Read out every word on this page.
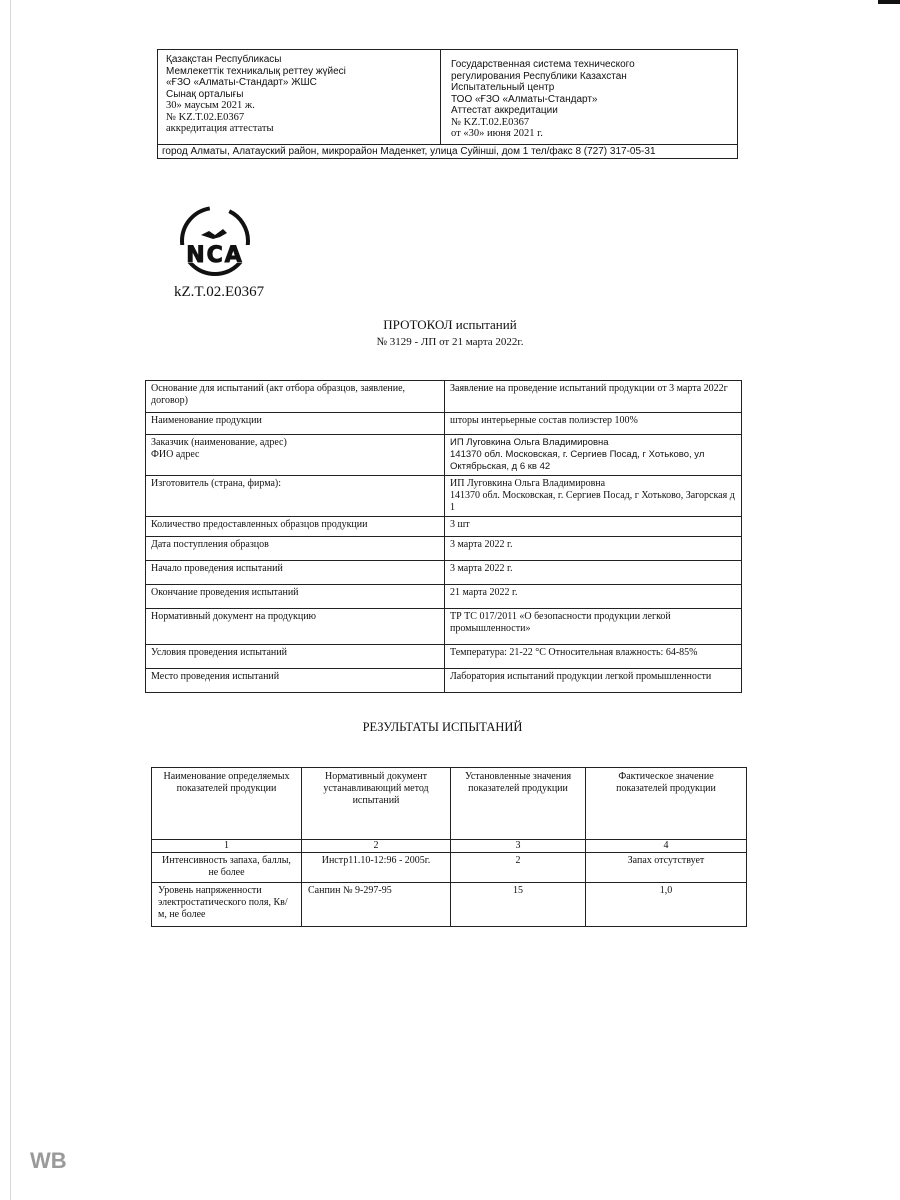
Қазақстан Республикасы
Мемлекеттік техникалық реттеу жүйесі
«ҒЗО «Алматы-Стандарт» ЖШС
Сынақ орталығы
30» маусым 2021 ж.
№ KZ.T.02.E0367
аккредитация аттестаты
Государственная система технического
регулирования Республики Казахстан
Испытательный центр
ТОО «ҒЗО «Алматы-Стандарт»
Аттестат аккредитации
№ KZ.T.02.E0367
от «30» июня 2021 г.
город Алматы, Алатауский район, микрорайон Маденкет, улица Суйінші, дом 1 тел/факс 8 (727) 317-05-31
NCA
kZ.T.02.E0367
ПРОТОКОЛ испытаний
№ 3129 - ЛП от 21 марта 2022г.
Основание для испытаний (акт отбора образцов, заявление, договор)	Заявление на проведение испытаний продукции от 3 марта 2022г
Наименование продукции	шторы интерьерные состав полиэстер 100%
Заказчик (наименование, адрес)
ФИО адрес	ИП Луговкина Ольга Владимировна
141370 обл. Московская, г. Сергиев Посад, г Хотьково, ул Октябрьская, д 6 кв 42
Изготовитель (страна, фирма):	ИП Луговкина Ольга Владимировна
141370 обл. Московская, г. Сергиев Посад, г Хотьково, Загорская д 1
Количество предоставленных образцов продукции	3 шт
Дата поступления образцов	3 марта 2022 г.
Начало проведения испытаний	3 марта 2022 г.
Окончание проведения испытаний	21 марта 2022 г.
Нормативный документ на продукцию	ТР ТС 017/2011 «О безопасности продукции легкой промышленности»
Условия проведения испытаний	Температура: 21-22 °С Относительная влажность: 64-85%
Место проведения испытаний	Лаборатория испытаний продукции легкой промышленности
РЕЗУЛЬТАТЫ ИСПЫТАНИЙ
Наименование определяемых показателей продукции	Нормативный документ устанавливающий метод испытаний	Установленные значения показателей продукции	Фактическое значение показателей продукции
1	2	3	4
Интенсивность запаха, баллы, не более	Инстр11.10-12:96 - 2005г.	2	Запах отсутствует
Уровень напряженности электростатического поля, Кв/м, не более	Санпин № 9-297-95	15	1,0
WB
